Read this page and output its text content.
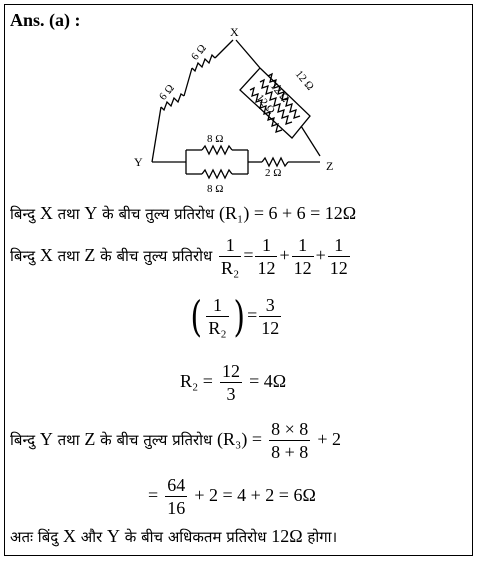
Ans. (a) :
X
Y	Z
6 Ω
6 Ω	12 Ω
12 Ω
12 Ω
8 Ω
8 Ω
2 Ω
बिन्दु X तथा Y के बीच तुल्य प्रतिरोध (R₁) = 6 + 6 = 12Ω
बिन्दु X तथा Z के बीच तुल्य प्रतिरोध $\frac{1}{\text{R₂}} = \frac{1}{12} + \frac{1}{12} + \frac{1}{12}$
( $\frac{1}{\text{R₂}}$ ) = $\frac{3}{12}$
$R_2 = \frac{12}{3} = 4\Omega$
बिन्दु Y तथा Z के बीच तुल्य प्रतिरोध $(R_3) = \frac{8 \times 8}{8 + 8} + 2$
= $\frac{64}{16} + 2 = 4 + 2 = 6\Omega$
अतः बिंदु X और Y के बीच अधिकतम प्रतिरोध 12Ω होगा।
